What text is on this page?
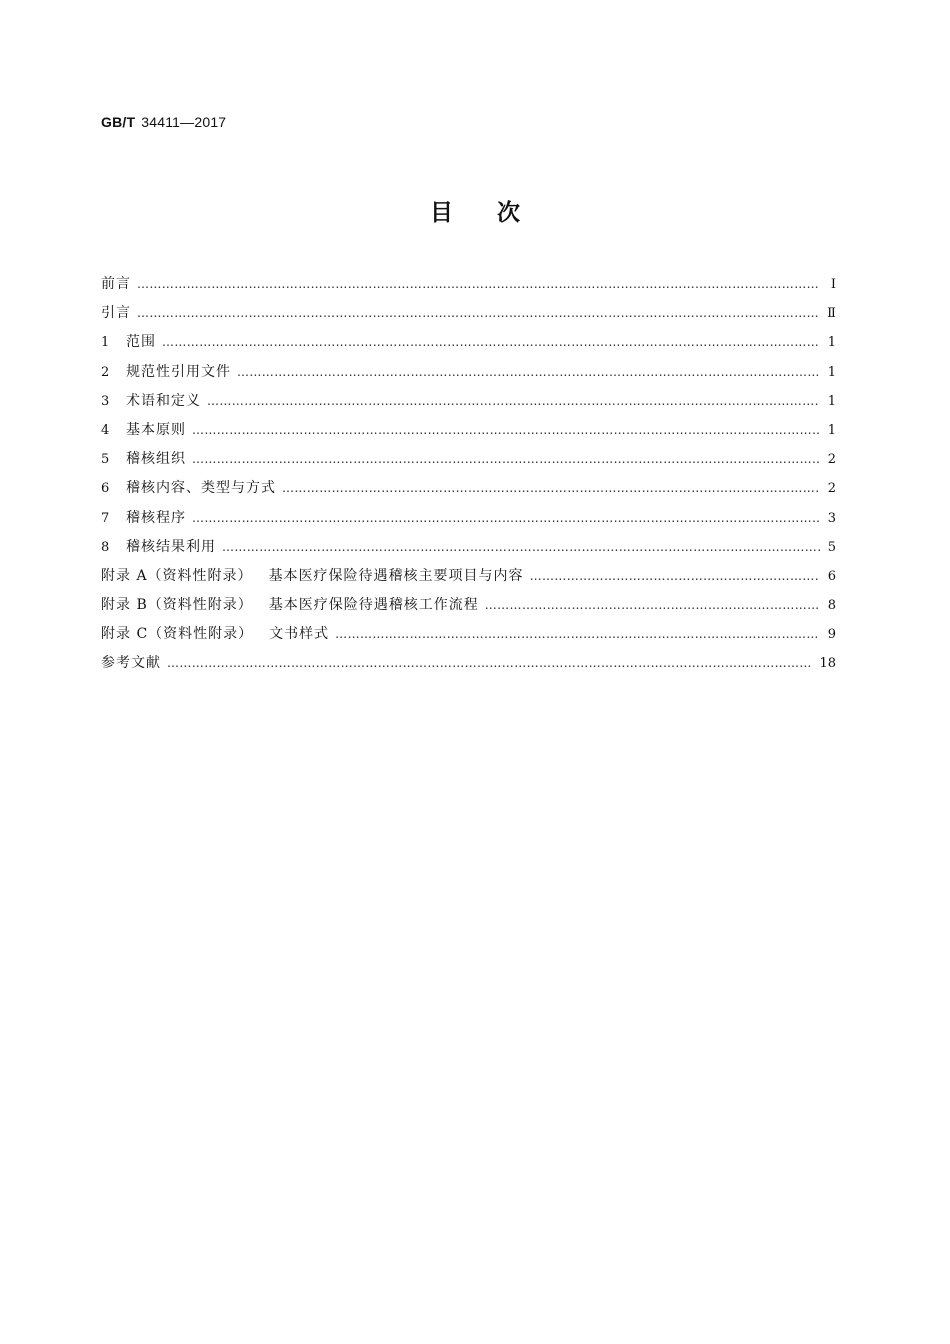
GB/T 34411—2017
目次
前言 ………………………………………………………………………………………………………………………………………………………………………………………………………………………………………………	Ⅰ
引言 ………………………………………………………………………………………………………………………………………………………………………………………………………………………………………………	Ⅱ
1	范围 ………………………………………………………………………………………………………………………………………………………………………………………………………………………………………………	1
2	规范性引用文件 ………………………………………………………………………………………………………………………………………………………………………………………………………………………………………………	1
3	术语和定义 ………………………………………………………………………………………………………………………………………………………………………………………………………………………………………………	1
4	基本原则 ………………………………………………………………………………………………………………………………………………………………………………………………………………………………………………	1
5	稽核组织 ………………………………………………………………………………………………………………………………………………………………………………………………………………………………………………	2
6	稽核内容、类型与方式 ………………………………………………………………………………………………………………………………………………………………………………………………………………………………………………	2
7	稽核程序 ………………………………………………………………………………………………………………………………………………………………………………………………………………………………………………	3
8	稽核结果利用 ………………………………………………………………………………………………………………………………………………………………………………………………………………………………………………	5
附录 A（资料性附录） 基本医疗保险待遇稽核主要项目与内容 ………………………………………………………………………………………………………………………………………………………………………………………………………………………………………………	6
附录 B（资料性附录） 基本医疗保险待遇稽核工作流程 ………………………………………………………………………………………………………………………………………………………………………………………………………………………………………………	8
附录 C（资料性附录） 文书样式 ………………………………………………………………………………………………………………………………………………………………………………………………………………………………………………	9
参考文献 ………………………………………………………………………………………………………………………………………………………………………………………………………………………………………………	18
